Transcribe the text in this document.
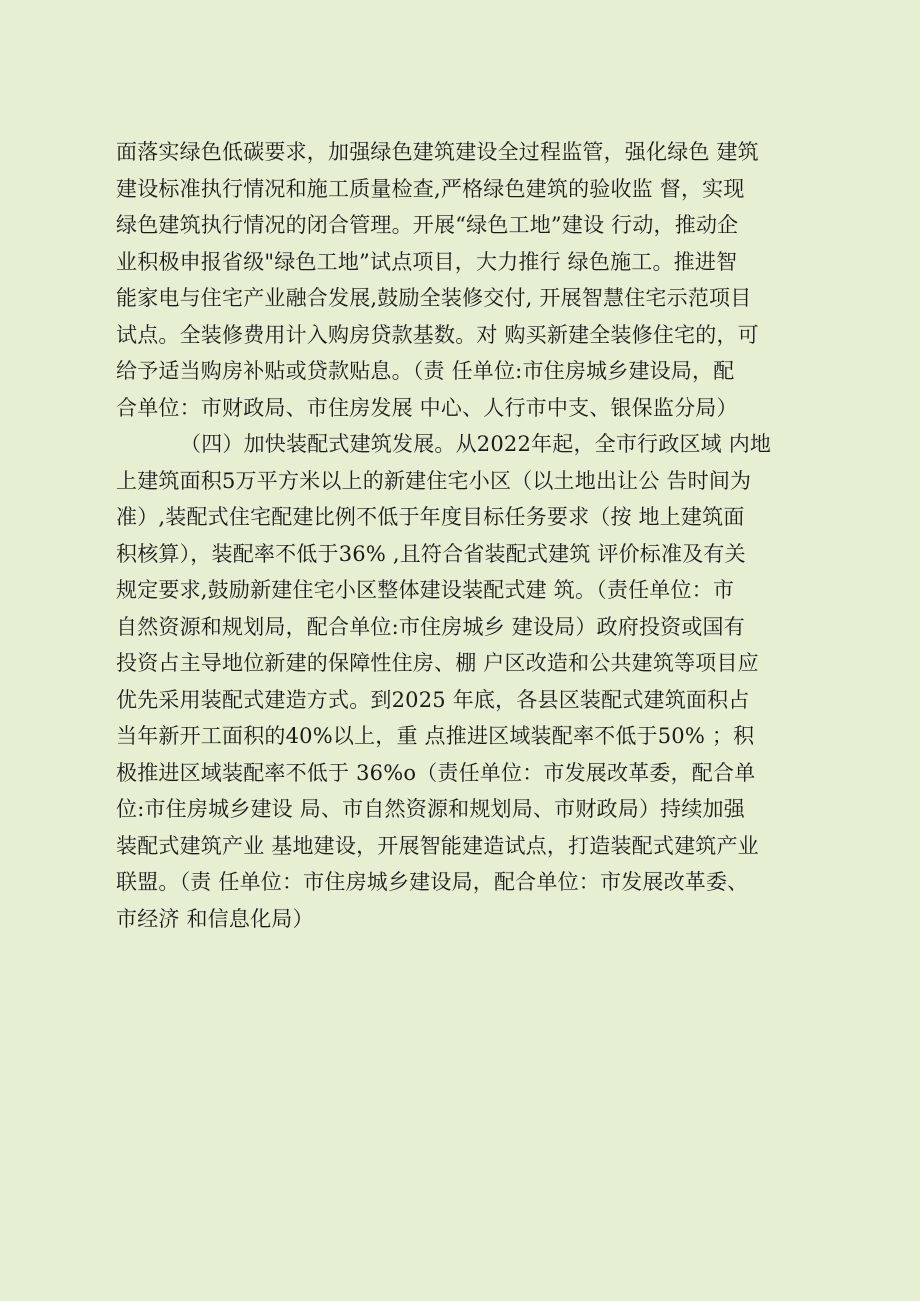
面落实绿色低碳要求，加强绿色建筑建设全过程监管，强化绿色 建筑
建设标准执行情况和施工质量检查,严格绿色建筑的验收监 督，实现
绿色建筑执行情况的闭合管理。开展“绿色工地”建设 行动，推动企
业积极申报省级"绿色工地”试点项目，大力推行 绿色施工。推进智
能家电与住宅产业融合发展,鼓励全装修交付, 开展智慧住宅示范项目
试点。全装修费用计入购房贷款基数。对 购买新建全装修住宅的，可
给予适当购房补贴或贷款贴息。（责 任单位:市住房城乡建设局，配
合单位：市财政局、市住房发展 中心、人行市中支、银保监分局）
（四）加快装配式建筑发展。从2022年起，全市行政区域 内地
上建筑面积5万平方米以上的新建住宅小区（以土地出让公 告时间为
准）,装配式住宅配建比例不低于年度目标任务要求（按 地上建筑面
积核算），装配率不低于36% ,且符合省装配式建筑 评价标准及有关
规定要求,鼓励新建住宅小区整体建设装配式建 筑。（责任单位：市
自然资源和规划局，配合单位:市住房城乡 建设局）政府投资或国有
投资占主导地位新建的保障性住房、棚 户区改造和公共建筑等项目应
优先采用装配式建造方式。到2025 年底，各县区装配式建筑面积占
当年新开工面积的40%以上，重 点推进区域装配率不低于50% ；积
极推进区域装配率不低于 36%o（责任单位：市发展改革委，配合单
位:市住房城乡建设 局、市自然资源和规划局、市财政局）持续加强
装配式建筑产业 基地建设，开展智能建造试点，打造装配式建筑产业
联盟。（责 任单位：市住房城乡建设局，配合单位：市发展改革委、
市经济 和信息化局）
